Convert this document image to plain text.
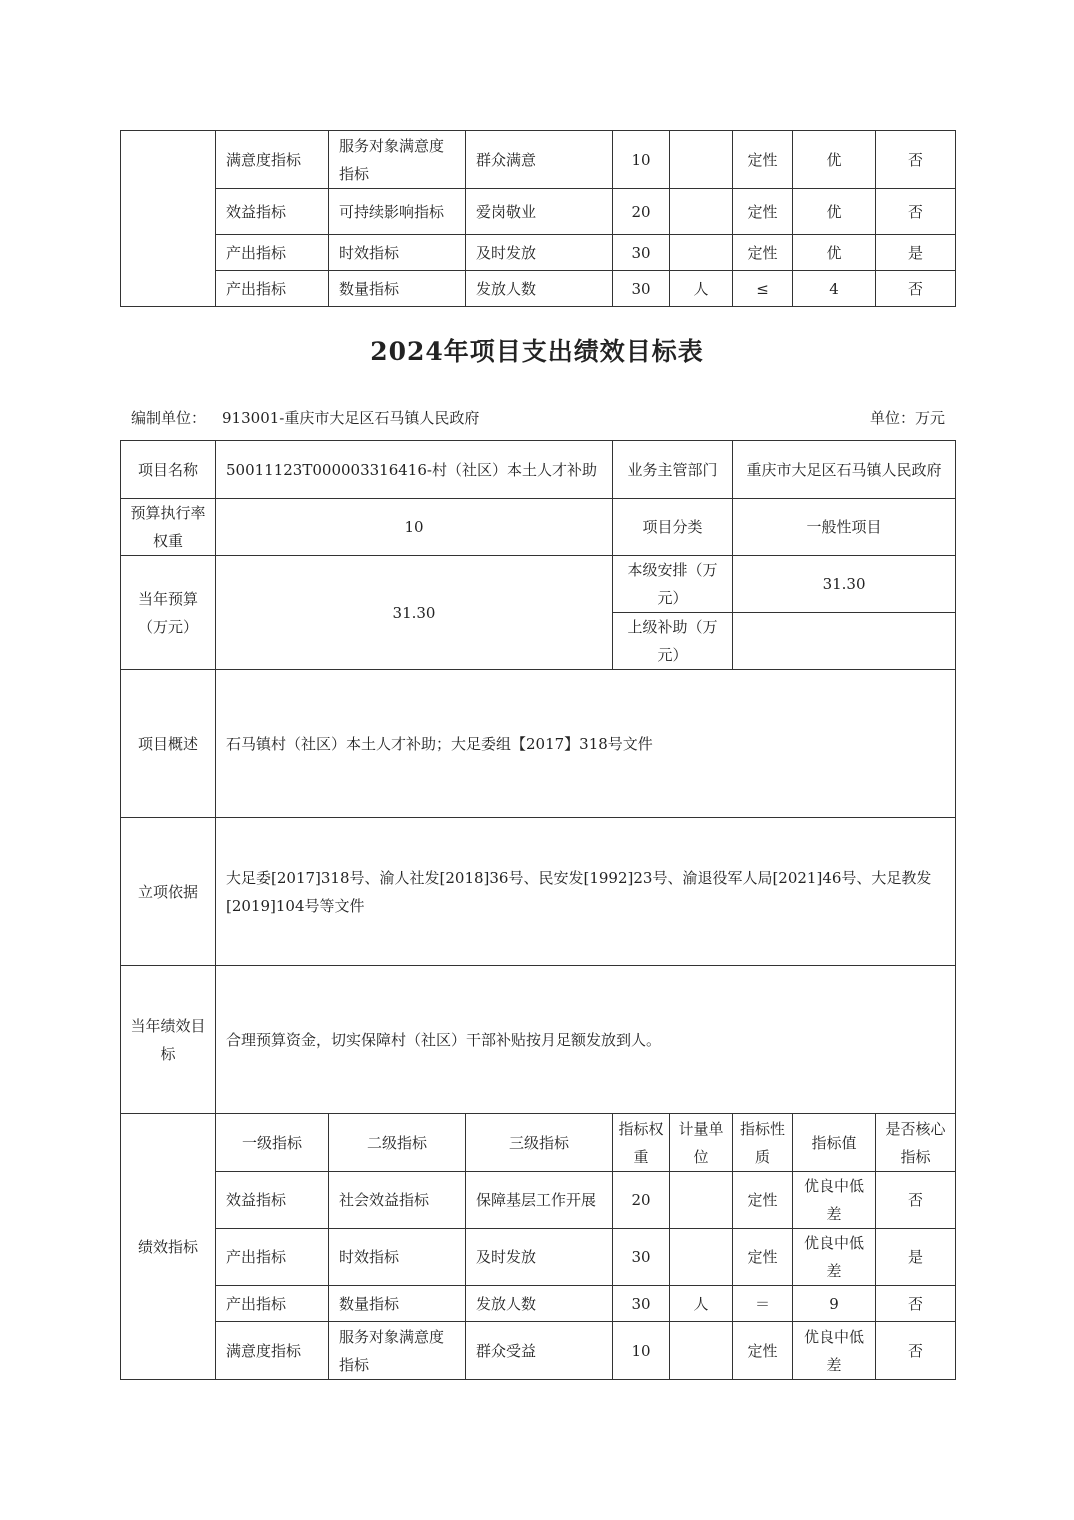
	满意度指标	服务对象满意度指标	群众满意	10		定性	优	否
	效益指标	可持续影响指标	爱岗敬业	20		定性	优	否
	产出指标	时效指标	及时发放	30		定性	优	是
	产出指标	数量指标	发放人数	30	人	≤	4	否
2024年项目支出绩效目标表
编制单位： 913001-重庆市大足区石马镇人民政府	单位：万元
项目名称	50011123T000003316416-村（社区）本土人才补助			业务主管部门		重庆市大足区石马镇人民政府		
预算执行率权重	10			项目分类		一般性项目		
当年预算（万元）	31.30			本级安排（万元）		31.30		
				上级补助（万元）				
项目概述	石马镇村（社区）本土人才补助；大足委组【2017】318号文件							
立项依据	大足委[2017]318号、渝人社发[2018]36号、民安发[1992]23号、渝退役军人局[2021]46号、大足教发[2019]104号等文件							
当年绩效目标	合理预算资金，切实保障村（社区）干部补贴按月足额发放到人。							
绩效指标	一级指标	二级指标	三级指标	指标权重	计量单位	指标性质	指标值	是否核心指标
	效益指标	社会效益指标	保障基层工作开展	20		定性	优良中低差	否
	产出指标	时效指标	及时发放	30		定性	优良中低差	是
	产出指标	数量指标	发放人数	30	人	＝	9	否
	满意度指标	服务对象满意度指标	群众受益	10		定性	优良中低差	否
